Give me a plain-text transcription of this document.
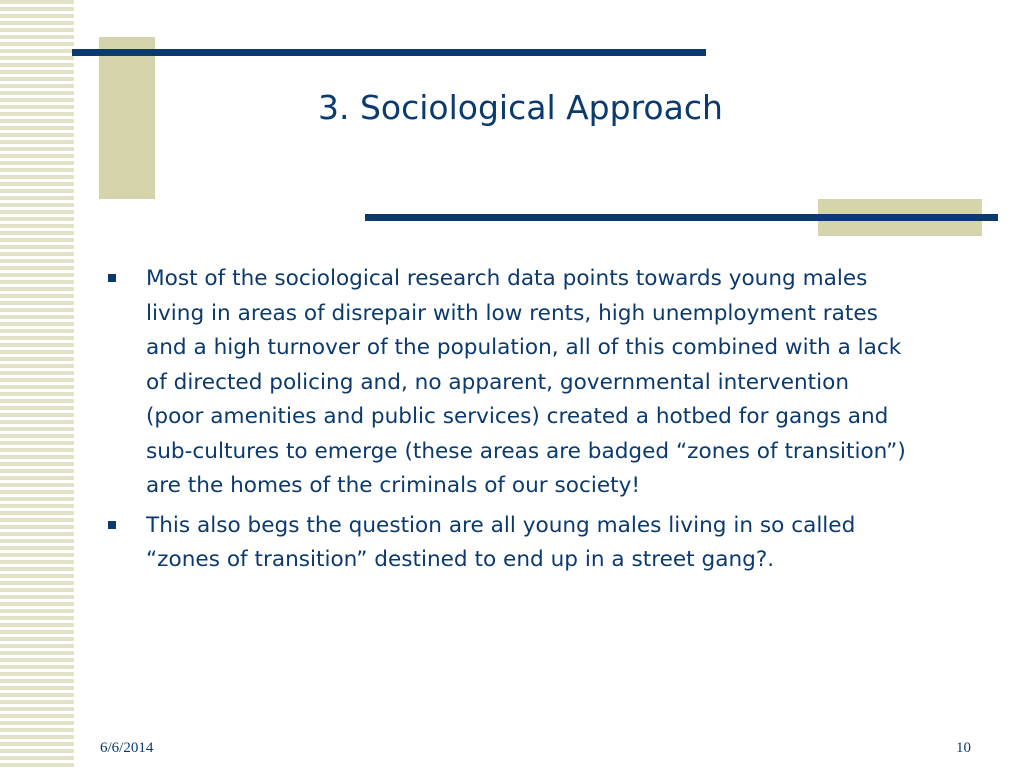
3. Sociological Approach
Most of the sociological research data points towards young males living in areas of disrepair with low rents, high unemployment rates and a high turnover of the population, all of this combined with a lack of directed policing and, no apparent, governmental intervention (poor amenities and public services) created a hotbed for gangs and sub-cultures to emerge (these areas are badged “zones of transition”) are the homes of the criminals of our society!
This also begs the question are all young males living in so called “zones of transition” destined to end up in a street gang?.
6/6/2014	10
